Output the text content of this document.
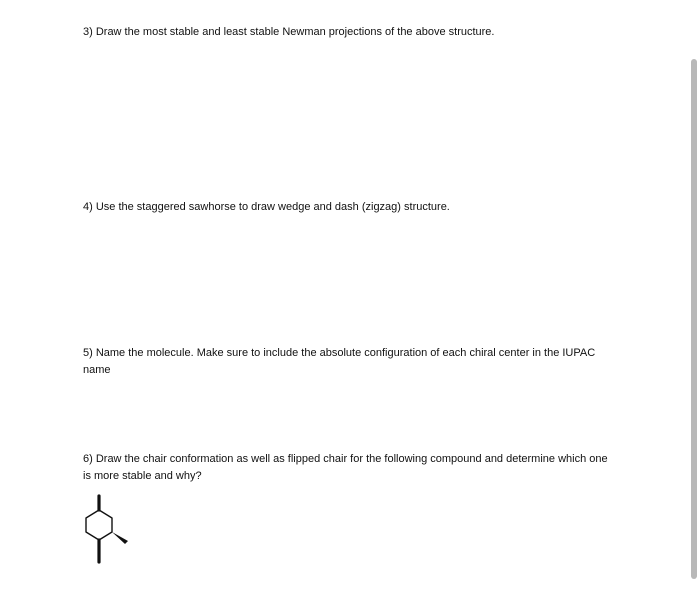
3) Draw the most stable and least stable Newman projections of the above structure.
4) Use the staggered sawhorse to draw wedge and dash (zigzag) structure.
5) Name the molecule. Make sure to include the absolute configuration of each chiral center in the IUPAC name
6) Draw the chair conformation as well as flipped chair for the following compound and determine which one is more stable and why?
